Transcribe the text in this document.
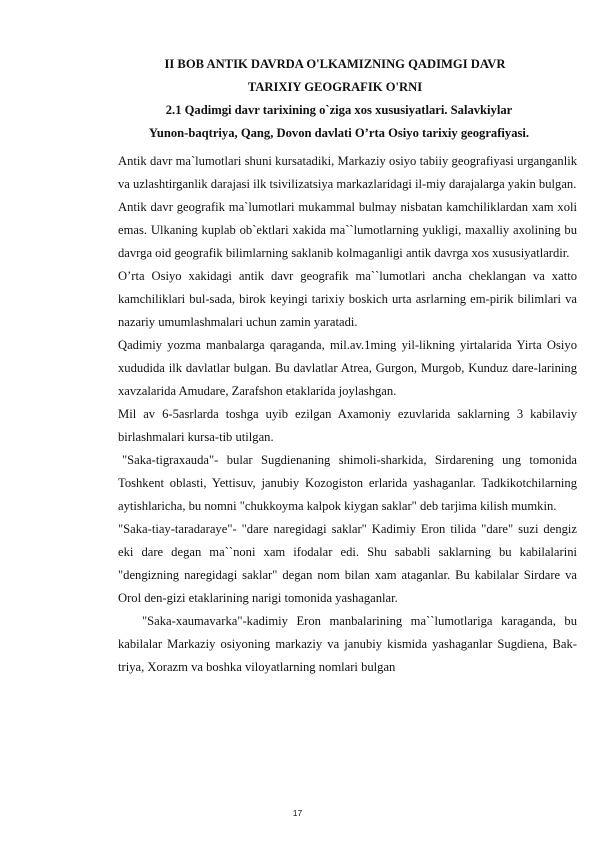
II BOB ANTIK DAVRDA O'LKAMIZNING QADIMGI DAVR
TARIXIY GEOGRAFIK O'RNI
2.1 Qadimgi davr tarixining o`ziga xos xususiyatlari. Salavkiylar
Yunon-baqtriya, Qang, Dovon davlati O’rta Osiyo tarixiy geografiyasi.

Antik davr ma`lumotlari shuni kursatadiki, Markaziy osiyo tabiiy geografiyasi urganganlik va uzlashtirganlik darajasi ilk tsivilizatsiya markazlaridagi il-miy darajalarga yakin bulgan.

Antik davr geografik ma`lumotlari mukammal bulmay nisbatan kamchiliklardan xam xoli emas. Ulkaning kuplab ob`ektlari xakida ma``lumotlarning yukligi, maxalliy axolining bu davrga oid geografik bilimlarning saklanib kolmaganligi antik davrga xos xususiyatlardir.

O’rta Osiyo xakidagi antik davr geografik ma``lumotlari ancha cheklangan va xatto kamchiliklari bul-sada, birok keyingi tarixiy boskich urta asrlarning em-pirik bilimlari va nazariy umumlashmalari uchun zamin yaratadi.

Qadimiy yozma manbalarga qaraganda, mil.av.1ming yil-likning yirtalarida Yirta Osiyo xududida ilk davlatlar bulgan. Bu davlatlar Atrea, Gurgon, Murgob, Kunduz dare-larining xavzalarida Amudare, Zarafshon etaklarida joylashgan.

Mil av 6-5asrlarda toshga uyib ezilgan Axamoniy ezuvlarida saklarning 3 kabilaviy birlashmalari kursa-tib utilgan.

"Saka-tigraxauda"- bular Sugdienaning shimoli-sharkida, Sirdarening ung tomonida Toshkent oblasti, Yettisuv, janubiy Kozogiston erlarida yashaganlar. Tadkikotchilarning aytishlaricha, bu nomni "chukkoyma kalpok kiygan saklar" deb tarjima kilish mumkin.

"Saka-tiay-taradaraye"- "dare naregidagi saklar" Kadimiy Eron tilida "dare" suzi dengiz eki dare degan ma``noni xam ifodalar edi. Shu sababli saklarning bu kabilalarini "dengizning naregidagi saklar" degan nom bilan xam ataganlar. Bu kabilalar Sirdare va Orol den-gizi etaklarining narigi tomonida yashaganlar.

"Saka-xaumavarka"-kadimiy Eron manbalarining ma``lumotlariga karaganda, bu kabilalar Markaziy osiyoning markaziy va janubiy kismida yashaganlar Sugdiena, Bak-triya, Xorazm va boshka viloyatlarning nomlari bulgan

17
